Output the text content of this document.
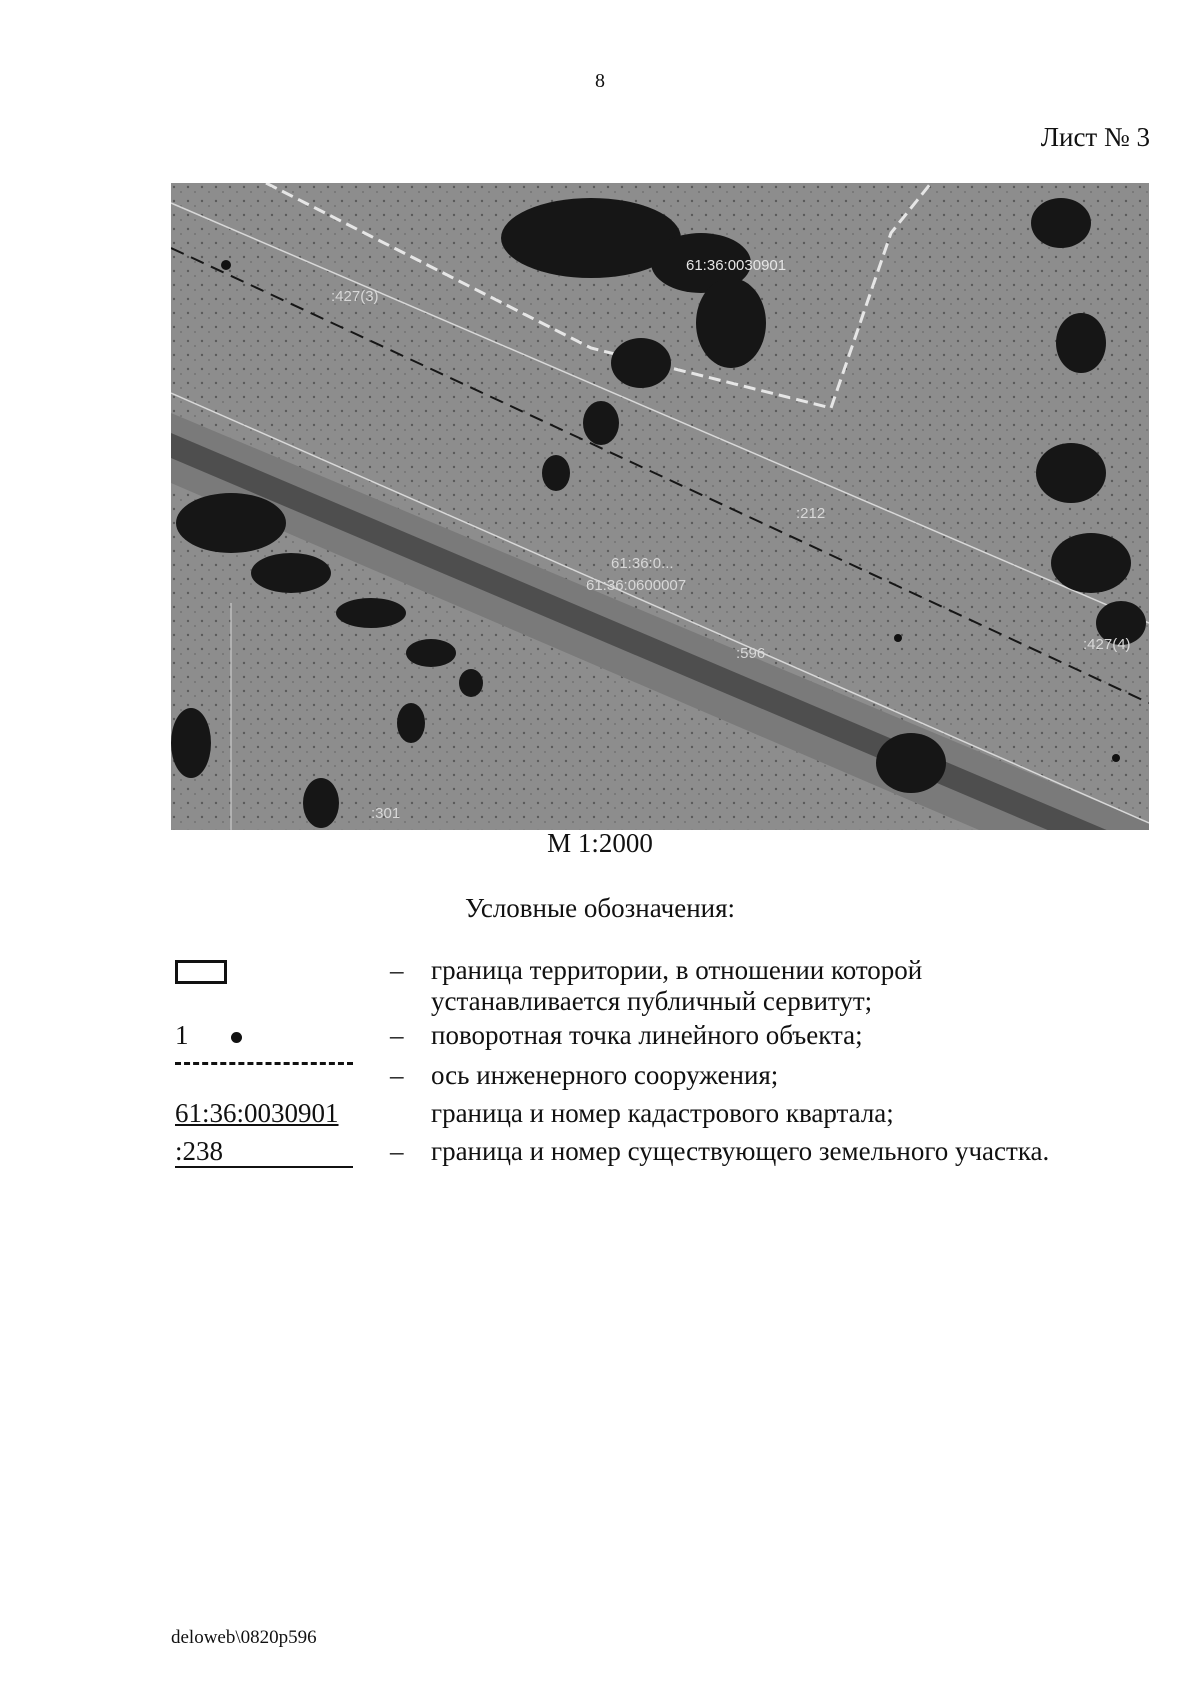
8
Лист № 3
:427(3)
:212
:596
:301
:427(4)
61:36:0030901
61:36:0...
61:36:0600007
М 1:2000
Условные обозначения:
– граница территории, в отношении которой
устанавливается публичный сервитут;
1	– поворотная точка линейного объекта;
– ось инженерного сооружения;
61:36:0030901	граница и номер кадастрового квартала;
:238	– граница и номер существующего земельного участка.
deloweb\0820p596
